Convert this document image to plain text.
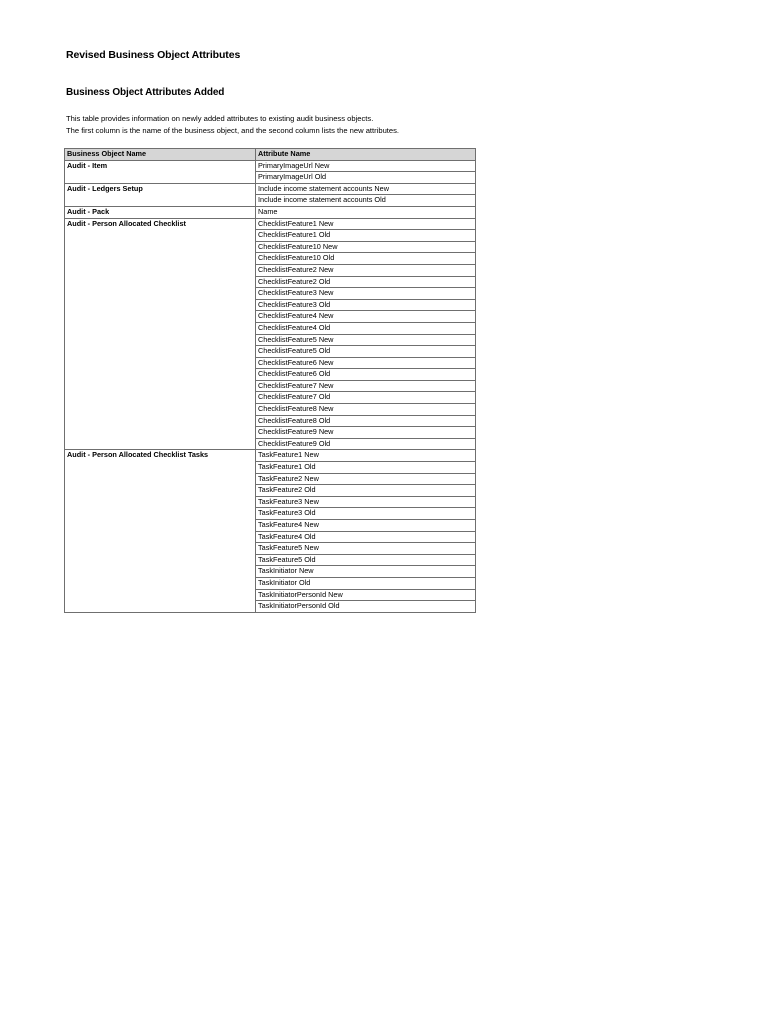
Revised Business Object Attributes
Business Object Attributes Added

This table provides information on newly added attributes to existing audit business objects.

The first column is the name of the business object, and the second column lists the new attributes.

Business Object Name	Attribute Name
Audit - Item	PrimaryImageUrl New
	PrimaryImageUrl Old
Audit - Ledgers Setup	Include income statement accounts New
	Include income statement accounts Old
Audit - Pack	Name
Audit - Person Allocated Checklist	ChecklistFeature1 New
	ChecklistFeature1 Old
	ChecklistFeature10 New
	ChecklistFeature10 Old
	ChecklistFeature2 New
	ChecklistFeature2 Old
	ChecklistFeature3 New
	ChecklistFeature3 Old
	ChecklistFeature4 New
	ChecklistFeature4 Old
	ChecklistFeature5 New
	ChecklistFeature5 Old
	ChecklistFeature6 New
	ChecklistFeature6 Old
	ChecklistFeature7 New
	ChecklistFeature7 Old
	ChecklistFeature8 New
	ChecklistFeature8 Old
	ChecklistFeature9 New
	ChecklistFeature9 Old
Audit - Person Allocated Checklist Tasks	TaskFeature1 New
	TaskFeature1 Old
	TaskFeature2 New
	TaskFeature2 Old
	TaskFeature3 New
	TaskFeature3 Old
	TaskFeature4 New
	TaskFeature4 Old
	TaskFeature5 New
	TaskFeature5 Old
	TaskInitiator New
	TaskInitiator Old
	TaskInitiatorPersonId New
	TaskInitiatorPersonId Old
